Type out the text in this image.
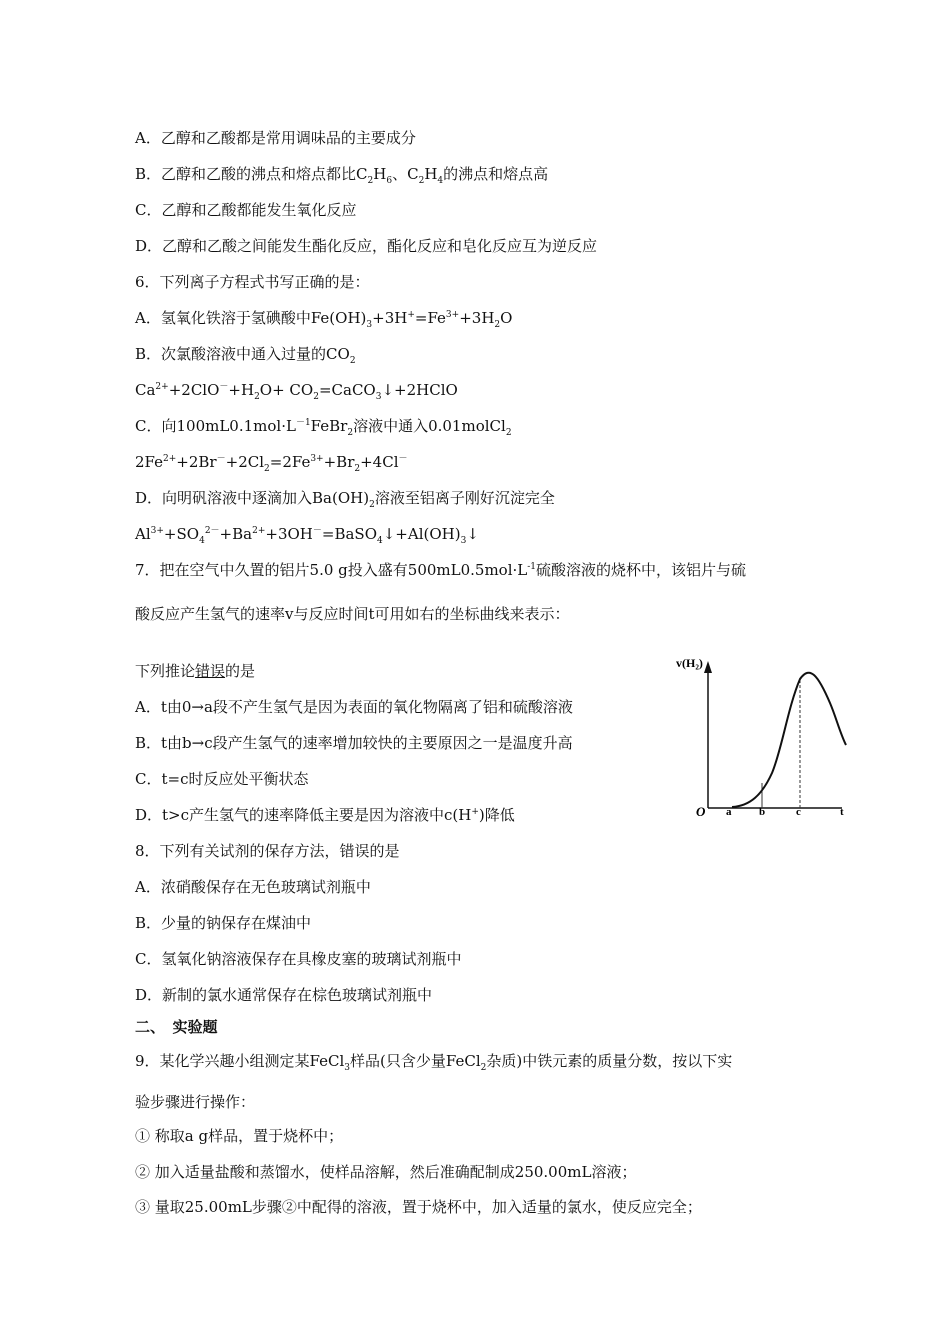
A．乙醇和乙酸都是常用调味品的主要成分
B．乙醇和乙酸的沸点和熔点都比$C_2H_6$、$C_2H_4$的沸点和熔点高
C．乙醇和乙酸都能发生氧化反应
D．乙醇和乙酸之间能发生酯化反应，酯化反应和皂化反应互为逆反应
6．下列离子方程式书写正确的是：
A．氢氧化铁溶于氢碘酸中$Fe(OH)_3+3H^+=Fe^{3+}+3H_2O$
B．次氯酸溶液中通入过量的$CO_2$
$Ca^{2+}+2ClO^-+H_2O+$ $CO_2=CaCO_3↓+2HClO$
C．向$100mL0.1mol\cdot L^{-1}FeBr_2$溶液中通入0.01molCl$_2$
$2Fe^{2+}+2Br^-+2Cl_2=2Fe^{3+}+Br_2+4Cl^-$
D．向明矾溶液中逐滴加入$Ba(OH)_2$溶液至铝离子刚好沉淀完全
$Al^{3+}+SO_4^{2-}+Ba^{2+}+3OH^-=BaSO_4↓+Al(OH)_3↓$
7．把在空气中久置的铝片5.0 g投入盛有$500mL0.5mol\cdot L^{-1}$硫酸溶液的烧杯中，该铝片与硫
酸反应产生氢气的速率v与反应时间t可用如右的坐标曲线来表示：
下列推论错误的是
A．t由0→a段不产生氢气是因为表面的氧化物隔离了铝和硫酸溶液
B．t由b→c段产生氢气的速率增加较快的主要原因之一是温度升高
C．t=c时反应处平衡状态
D．t>c产生氢气的速率降低主要是因为溶液中c(H+)降低
v(H₂)
O a	b	c	t
8．下列有关试剂的保存方法，错误的是
A．浓硝酸保存在无色玻璃试剂瓶中
B．少量的钠保存在煤油中
C．氢氧化钠溶液保存在具橡皮塞的玻璃试剂瓶中
D．新制的氯水通常保存在棕色玻璃试剂瓶中
二、　实验题
9．某化学兴趣小组测定某FeCl$_3$样品(只含少量FeCl$_2$杂质)中铁元素的质量分数，按以下实
验步骤进行操作：
① 称取a g样品，置于烧杯中；
② 加入适量盐酸和蒸馏水，使样品溶解，然后准确配制成250.00mL溶液；
③ 量取25.00mL步骤②中配得的溶液，置于烧杯中，加入适量的氯水，使反应完全；
